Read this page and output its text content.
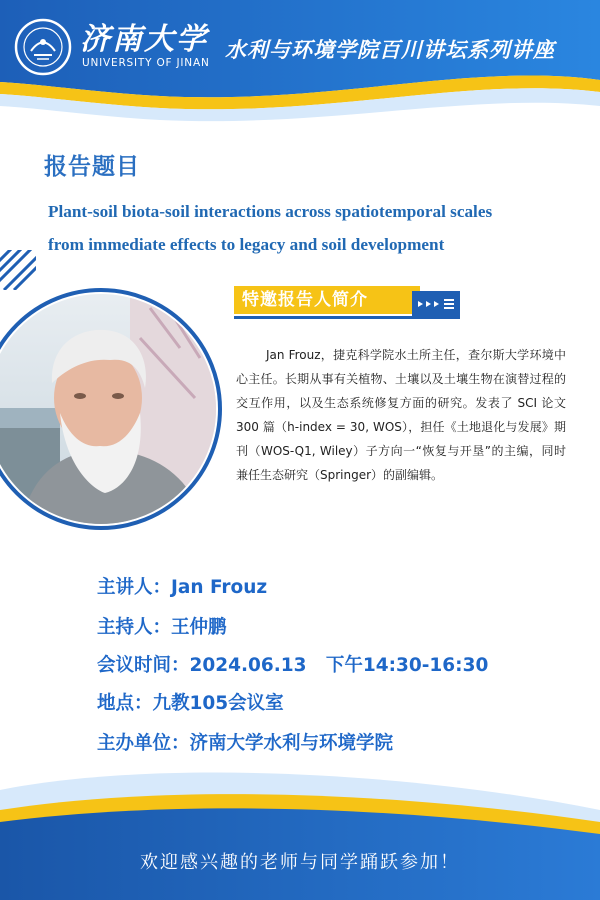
济南大学
UNIVERSITY OF JINAN
水利与环境学院百川讲坛系列讲座
报告题目
Plant-soil biota-soil interactions across spatiotemporal scales
from immediate effects to legacy and soil development
特邀报告人简介
Jan Frouz，捷克科学院水土所主任，查尔斯大学环境中心主任。长期从事有关植物、土壤以及土壤生物在演替过程的交互作用，以及生态系统修复方面的研究。发表了 SCI 论文 300 篇（h-index = 30, WOS），担任《土地退化与发展》期刊（WOS-Q1, Wiley）子方向一“恢复与开垦”的主编，同时兼任生态研究（Springer）的副编辑。
主讲人：Jan Frouz
主持人：王仲鹏
会议时间：2024.06.13   下午14:30-16:30
地点：九教105会议室
主办单位：济南大学水利与环境学院
欢迎感兴趣的老师与同学踊跃参加！
